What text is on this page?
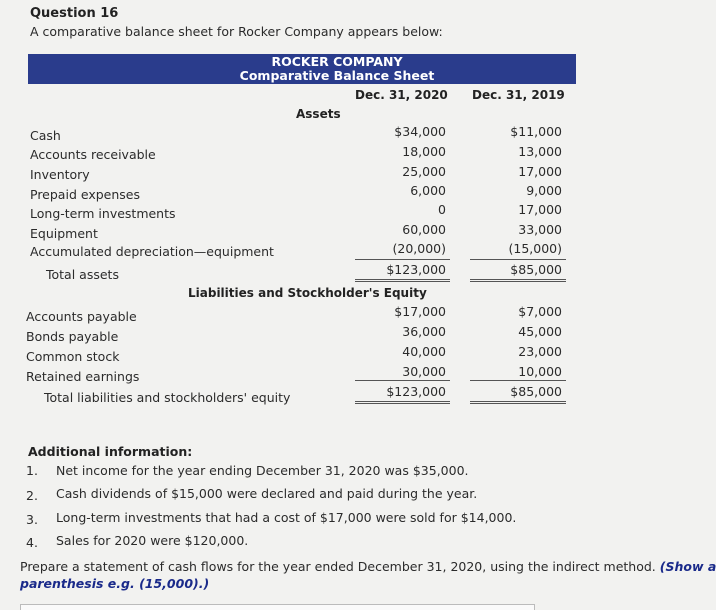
Question 16
A comparative balance sheet for Rocker Company appears below:
ROCKER COMPANY
Comparative Balance Sheet
Dec. 31, 2020 Dec. 31, 2019
Assets
Cash	$34,000	$11,000
Accounts receivable	18,000	13,000
Inventory	25,000	17,000
Prepaid expenses	6,000	9,000
Long-term investments	0	17,000
Equipment	60,000	33,000
Accumulated depreciation—equipment	(20,000)	(15,000)
Total assets	$123,000	$85,000
Liabilities and Stockholder's Equity
Accounts payable	$17,000	$7,000
Bonds payable	36,000	45,000
Common stock	40,000	23,000
Retained earnings	30,000	10,000
Total liabilities and stockholders' equity	$123,000	$85,000
Additional information:
1. Net income for the year ending December 31, 2020 was $35,000.
2. Cash dividends of $15,000 were declared and paid during the year.
3. Long-term investments that had a cost of $17,000 were sold for $14,000.
4. Sales for 2020 were $120,000.
Prepare a statement of cash flows for the year ended December 31, 2020, using the indirect method. (Show a
parenthesis e.g. (15,000).)
